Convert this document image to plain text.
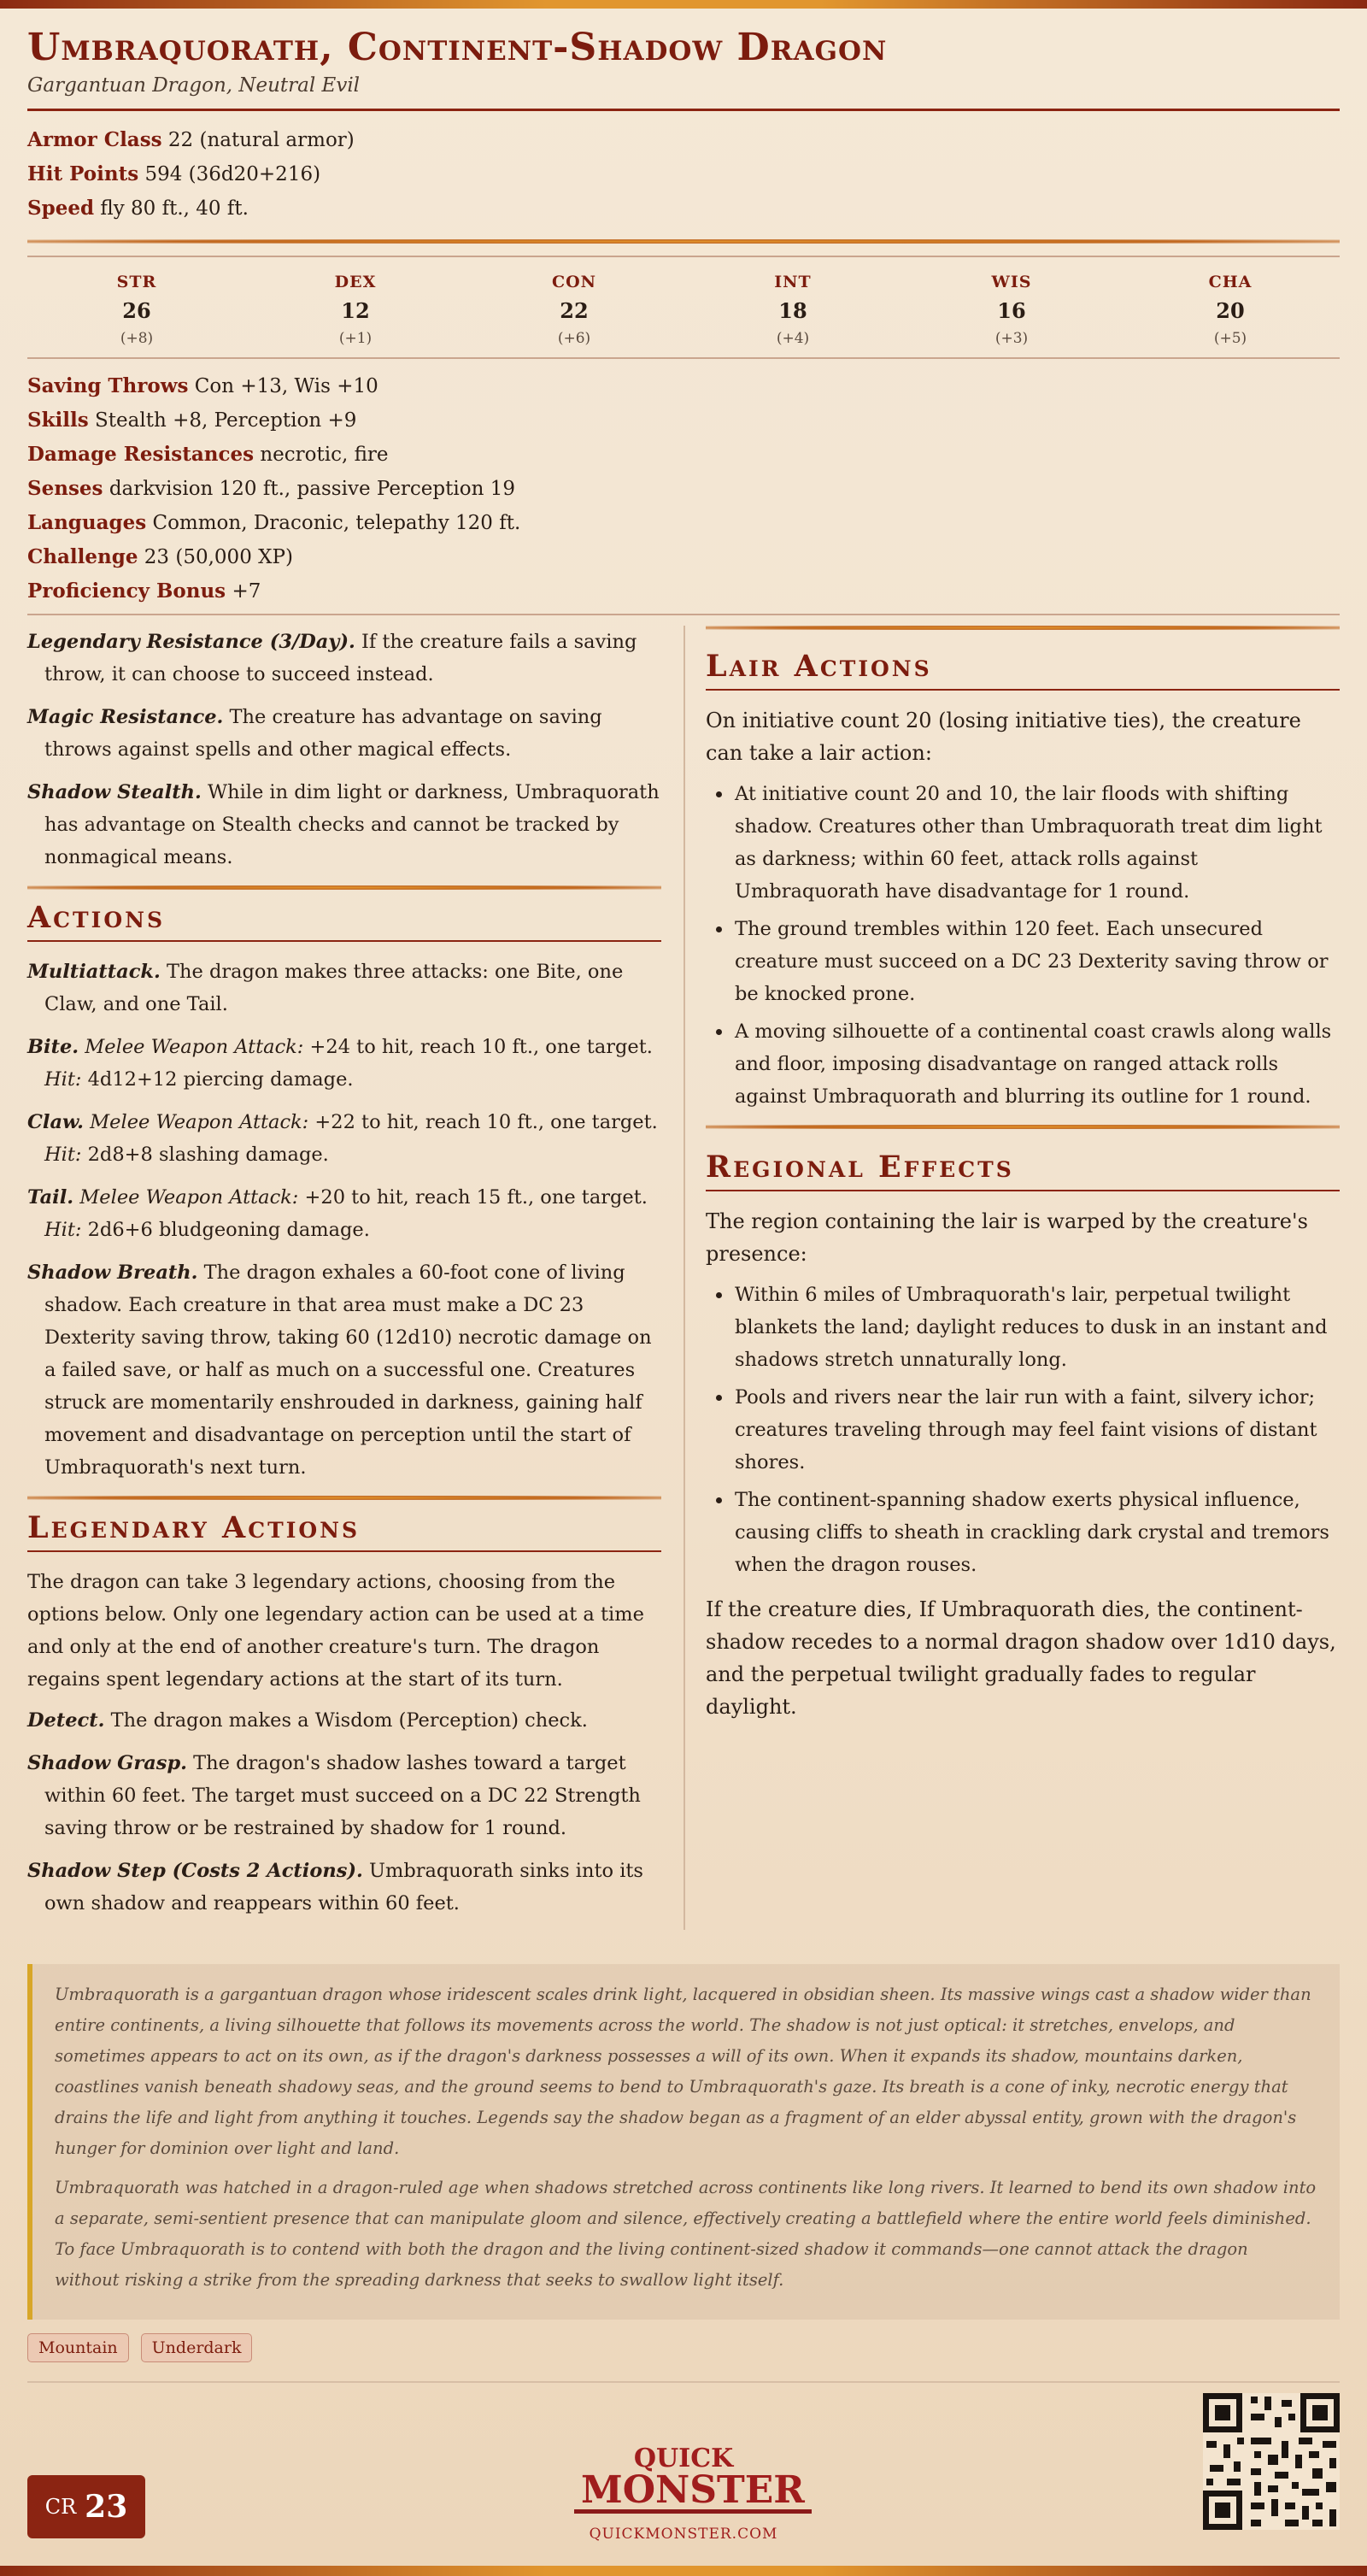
Umbraquorath, Continent-Shadow Dragon
Gargantuan Dragon, Neutral Evil

Armor Class 22 (natural armor)

Hit Points 594 (36d20+216)

Speed fly 80 ft., 40 ft.

STR
26
(+8)
DEX
12
(+1)
CON
22
(+6)
INT
18
(+4)
WIS
16
(+3)
CHA
20
(+5)

Saving Throws Con +13, Wis +10

Skills Stealth +8, Perception +9

Damage Resistances necrotic, fire

Senses darkvision 120 ft., passive Perception 19

Languages Common, Draconic, telepathy 120 ft.

Challenge 23 (50,000 XP)

Proficiency Bonus +7

Legendary Resistance (3/Day). If the creature fails a saving throw, it can choose to succeed instead.

Magic Resistance. The creature has advantage on saving throws against spells and other magical effects.

Shadow Stealth. While in dim light or darkness, Umbraquorath has advantage on Stealth checks and cannot be tracked by nonmagical means.

Actions

Multiattack. The dragon makes three attacks: one Bite, one Claw, and one Tail.

Bite. Melee Weapon Attack: +24 to hit, reach 10 ft., one target. Hit: 4d12+12 piercing damage.

Claw. Melee Weapon Attack: +22 to hit, reach 10 ft., one target. Hit: 2d8+8 slashing damage.

Tail. Melee Weapon Attack: +20 to hit, reach 15 ft., one target. Hit: 2d6+6 bludgeoning damage.

Shadow Breath. The dragon exhales a 60-foot cone of living shadow. Each creature in that area must make a DC 23 Dexterity saving throw, taking 60 (12d10) necrotic damage on a failed save, or half as much on a successful one. Creatures struck are momentarily enshrouded in darkness, gaining half movement and disadvantage on perception until the start of Umbraquorath's next turn.

Legendary Actions

The dragon can take 3 legendary actions, choosing from the options below. Only one legendary action can be used at a time and only at the end of another creature's turn. The dragon regains spent legendary actions at the start of its turn.

Detect. The dragon makes a Wisdom (Perception) check.

Shadow Grasp. The dragon's shadow lashes toward a target within 60 feet. The target must succeed on a DC 22 Strength saving throw or be restrained by shadow for 1 round.

Shadow Step (Costs 2 Actions). Umbraquorath sinks into its own shadow and reappears within 60 feet.

Lair Actions

On initiative count 20 (losing initiative ties), the creature can take a lair action:

• At initiative count 20 and 10, the lair floods with shifting shadow. Creatures other than Umbraquorath treat dim light as darkness; within 60 feet, attack rolls against Umbraquorath have disadvantage for 1 round.
• The ground trembles within 120 feet. Each unsecured creature must succeed on a DC 23 Dexterity saving throw or be knocked prone.
• A moving silhouette of a continental coast crawls along walls and floor, imposing disadvantage on ranged attack rolls against Umbraquorath and blurring its outline for 1 round.
Regional Effects

The region containing the lair is warped by the creature's presence:

• Within 6 miles of Umbraquorath's lair, perpetual twilight blankets the land; daylight reduces to dusk in an instant and shadows stretch unnaturally long.
• Pools and rivers near the lair run with a faint, silvery ichor; creatures traveling through may feel faint visions of distant shores.
• The continent-spanning shadow exerts physical influence, causing cliffs to sheath in crackling dark crystal and tremors when the dragon rouses.

If the creature dies, If Umbraquorath dies, the continent-shadow recedes to a normal dragon shadow over 1d10 days, and the perpetual twilight gradually fades to regular daylight.

Umbraquorath is a gargantuan dragon whose iridescent scales drink light, lacquered in obsidian sheen. Its massive wings cast a shadow wider than entire continents, a living silhouette that follows its movements across the world. The shadow is not just optical: it stretches, envelops, and sometimes appears to act on its own, as if the dragon's darkness possesses a will of its own. When it expands its shadow, mountains darken, coastlines vanish beneath shadowy seas, and the ground seems to bend to Umbraquorath's gaze. Its breath is a cone of inky, necrotic energy that drains the life and light from anything it touches. Legends say the shadow began as a fragment of an elder abyssal entity, grown with the dragon's hunger for dominion over light and land.

Umbraquorath was hatched in a dragon-ruled age when shadows stretched across continents like long rivers. It learned to bend its own shadow into a separate, semi-sentient presence that can manipulate gloom and silence, effectively creating a battlefield where the entire world feels diminished. To face Umbraquorath is to contend with both the dragon and the living continent-sized shadow it commands—one cannot attack the dragon without risking a strike from the spreading darkness that seeks to swallow light itself.

Mountain	Underdark
CR 23
QUICK
MONSTER
QUICKMONSTER.COM
